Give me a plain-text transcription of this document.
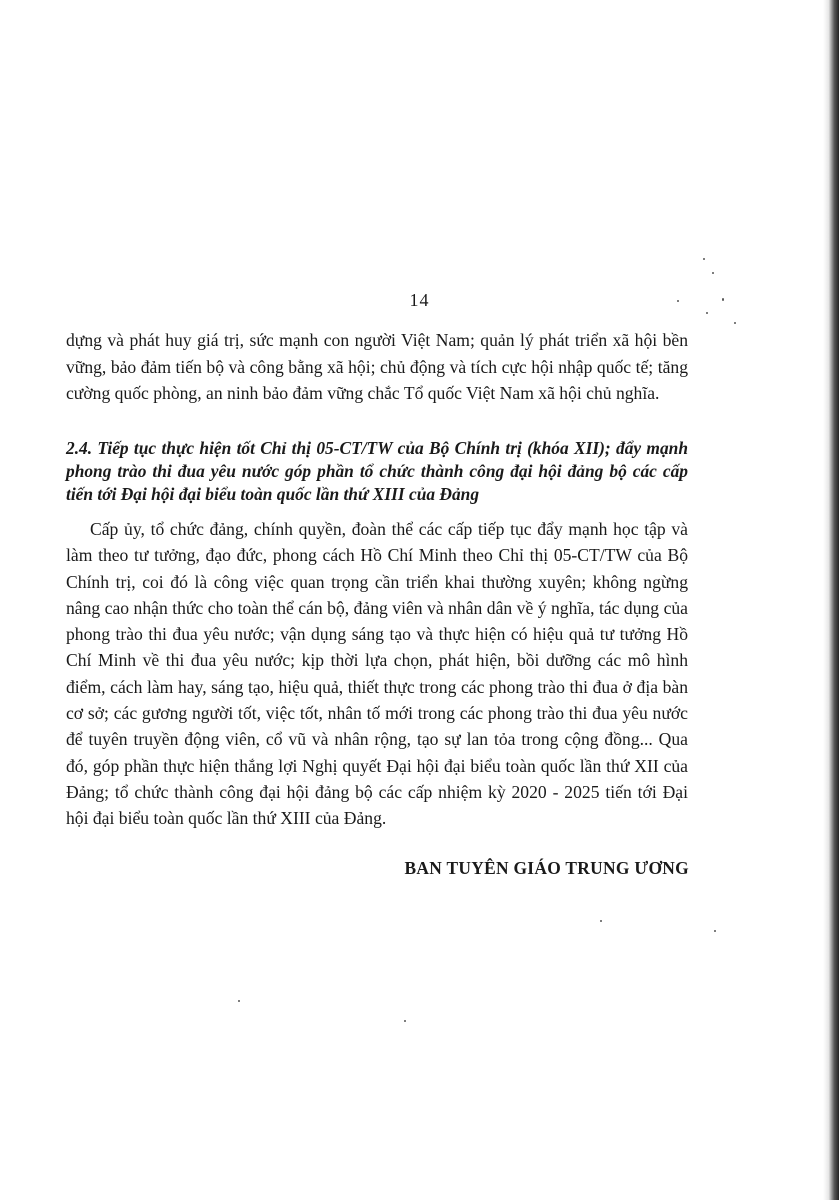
14

dựng và phát huy giá trị, sức mạnh con người Việt Nam; quản lý phát triển xã hội bền vững, bảo đảm tiến bộ và công bằng xã hội; chủ động và tích cực hội nhập quốc tế; tăng cường quốc phòng, an ninh bảo đảm vững chắc Tổ quốc Việt Nam xã hội chủ nghĩa.

2.4. Tiếp tục thực hiện tốt Chỉ thị 05-CT/TW của Bộ Chính trị (khóa XII); đẩy mạnh phong trào thi đua yêu nước góp phần tổ chức thành công đại hội đảng bộ các cấp tiến tới Đại hội đại biểu toàn quốc lần thứ XIII của Đảng

Cấp ủy, tổ chức đảng, chính quyền, đoàn thể các cấp tiếp tục đẩy mạnh học tập và làm theo tư tưởng, đạo đức, phong cách Hồ Chí Minh theo Chỉ thị 05-CT/TW của Bộ Chính trị, coi đó là công việc quan trọng cần triển khai thường xuyên; không ngừng nâng cao nhận thức cho toàn thể cán bộ, đảng viên và nhân dân về ý nghĩa, tác dụng của phong trào thi đua yêu nước; vận dụng sáng tạo và thực hiện có hiệu quả tư tưởng Hồ Chí Minh về thi đua yêu nước; kịp thời lựa chọn, phát hiện, bồi dưỡng các mô hình điểm, cách làm hay, sáng tạo, hiệu quả, thiết thực trong các phong trào thi đua ở địa bàn cơ sở; các gương người tốt, việc tốt, nhân tố mới trong các phong trào thi đua yêu nước để tuyên truyền động viên, cổ vũ và nhân rộng, tạo sự lan tỏa trong cộng đồng... Qua đó, góp phần thực hiện thắng lợi Nghị quyết Đại hội đại biểu toàn quốc lần thứ XII của Đảng; tổ chức thành công đại hội đảng bộ các cấp nhiệm kỳ 2020 - 2025 tiến tới Đại hội đại biểu toàn quốc lần thứ XIII của Đảng.

BAN TUYÊN GIÁO TRUNG ƯƠNG
